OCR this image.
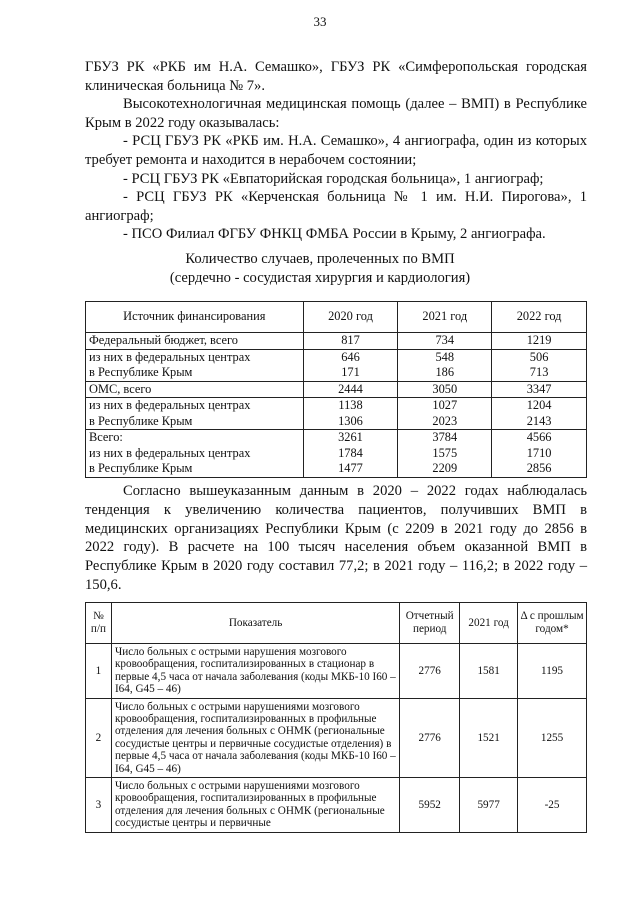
33

ГБУЗ РК «РКБ им Н.А. Семашко», ГБУЗ РК «Симферопольская городская клиническая больница № 7».

Высокотехнологичная медицинская помощь (далее – ВМП) в Республике Крым в 2022 году оказывалась:

- РСЦ ГБУЗ РК «РКБ им. Н.А. Семашко», 4 ангиографа, один из которых требует ремонта и находится в нерабочем состоянии;

- РСЦ ГБУЗ РК «Евпаторийская городская больница», 1 ангиограф;

- РСЦ ГБУЗ РК «Керченская больница № 1 им. Н.И. Пирогова», 1 ангиограф;

- ПСО Филиал ФГБУ ФНКЦ ФМБА России в Крыму, 2 ангиографа.

Количество случаев, пролеченных по ВМП
(сердечно - сосудистая хирургия и кардиология)
Источник финансирования	2020 год	2021 год	2022 год
Федеральный бюджет, всего	817	734	1219
из них в федеральных центрах	646	548	506
в Республике Крым	171	186	713
ОМС, всего	2444	3050	3347
из них в федеральных центрах	1138	1027	1204
в Республике Крым	1306	2023	2143
Всего:	3261	3784	4566
из них в федеральных центрах	1784	1575	1710
в Республике Крым	1477	2209	2856

Согласно вышеуказанным данным в 2020 – 2022 годах наблюдалась тенденция к увеличению количества пациентов, получивших ВМП в медицинских организациях Республики Крым (с 2209 в 2021 году до 2856 в 2022 году). В расчете на 100 тысяч населения объем оказанной ВМП в Республике Крым в 2020 году составил 77,2; в 2021 году – 116,2; в 2022 году – 150,6.

№ п/п	Показатель	Отчетный период	2021 год	Δ с прошлым годом*
1	Число больных с острыми нарушения мозгового кровообращения, госпитализированных в стационар в первые 4,5 часа от начала заболевания (коды МКБ-10 I60 – I64, G45 – 46)	2776	1581	1195
2	Число больных с острыми нарушениями мозгового кровообращения, госпитализированных в профильные отделения для лечения больных с ОНМК (региональные сосудистые центры и первичные сосудистые отделения) в первые 4,5 часа от начала заболевания (коды МКБ-10 I60 – I64, G45 – 46)	2776	1521	1255
3	Число больных с острыми нарушениями мозгового кровообращения, госпитализированных в профильные отделения для лечения больных с ОНМК (региональные сосудистые центры и первичные	5952	5977	-25
